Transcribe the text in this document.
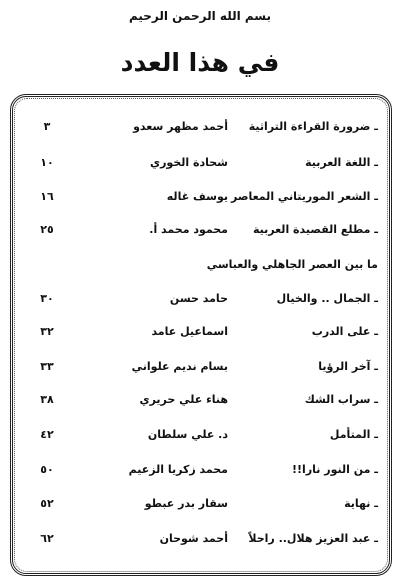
بسم الله الرحمن الرحيم
في هذا العدد
ـ ضرورة القراءة التراثية
أحمد مظهر سعدو
٣
ـ اللغة العربية
شحادة الخوري
١٠
ـ الشعر الموريتاني المعاصر
يوسف غاله
١٦
ـ مطلع القصيدة العربية
محمود محمد أ.
٢٥
ما بين العصر الجاهلي والعباسي
ـ الجمال .. والخيال
حامد حسن
٣٠
ـ على الدرب
اسماعيل عامد
٣٢
ـ آخر الرؤيا
بسام نديم علواني
٣٣
ـ سراب الشك
هناء علي حريري
٣٨
ـ المتأمل
د. علي سلطان
٤٢
ـ من النور نارا!!
محمد زكريا الزعيم
٥٠
ـ نهاية
سقار بدر عبطو
٥٢
ـ عبد العزيز هلال.. راحلاً
أحمد شوحان
٦٢
